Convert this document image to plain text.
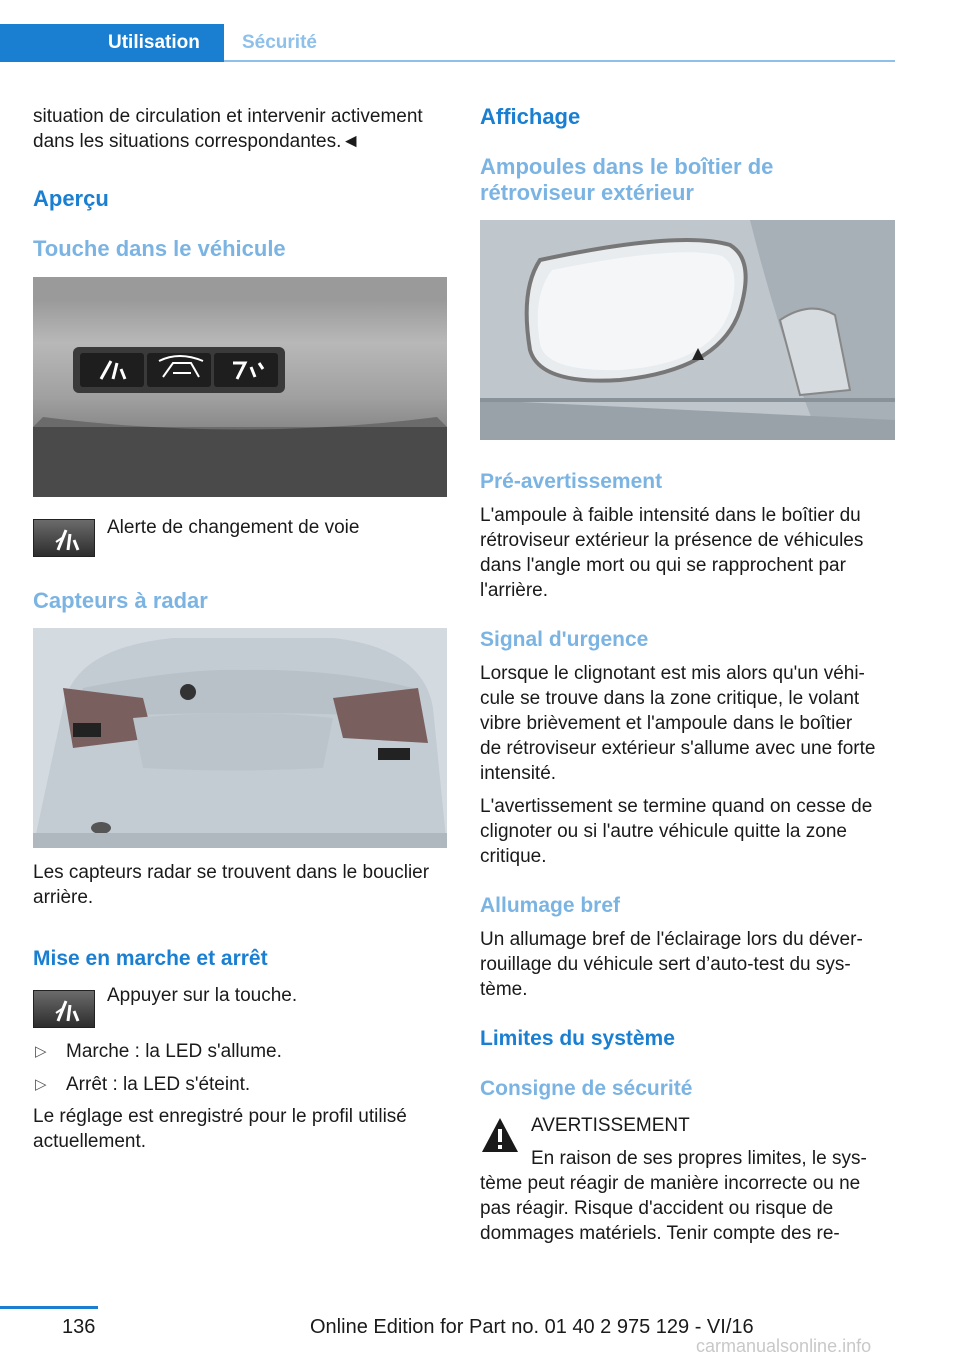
Utilisation Sécurité
situation de circulation et intervenir activement
dans les situations correspondantes.◄
Aperçu
Touche dans le véhicule
Alerte de changement de voie
Capteurs à radar
Les capteurs radar se trouvent dans le bouclier
arrière.
Mise en marche et arrêt
Appuyer sur la touche.
▷ Marche : la LED s'allume.
▷ Arrêt : la LED s'éteint.
Le réglage est enregistré pour le profil utilisé
actuellement.
Affichage
Ampoules dans le boîtier de
rétroviseur extérieur
Pré-avertissement
L'ampoule à faible intensité dans le boîtier du
rétroviseur extérieur la présence de véhicules
dans l'angle mort ou qui se rapprochent par
l'arrière.
Signal d'urgence
Lorsque le clignotant est mis alors qu'un véhi‐
cule se trouve dans la zone critique, le volant
vibre brièvement et l'ampoule dans le boîtier
de rétroviseur extérieur s'allume avec une forte
intensité.
L'avertissement se termine quand on cesse de
clignoter ou si l'autre véhicule quitte la zone
critique.
Allumage bref
Un allumage bref de l'éclairage lors du déver‐
rouillage du véhicule sert d’auto-test du sys‐
tème.
Limites du système
Consigne de sécurité
AVERTISSEMENT
En raison de ses propres limites, le sys‐
tème peut réagir de manière incorrecte ou ne
pas réagir. Risque d'accident ou risque de
dommages matériels. Tenir compte des re‐
136	Online Edition for Part no. 01 40 2 975 129 - VI/16
carmanualsonline.info
